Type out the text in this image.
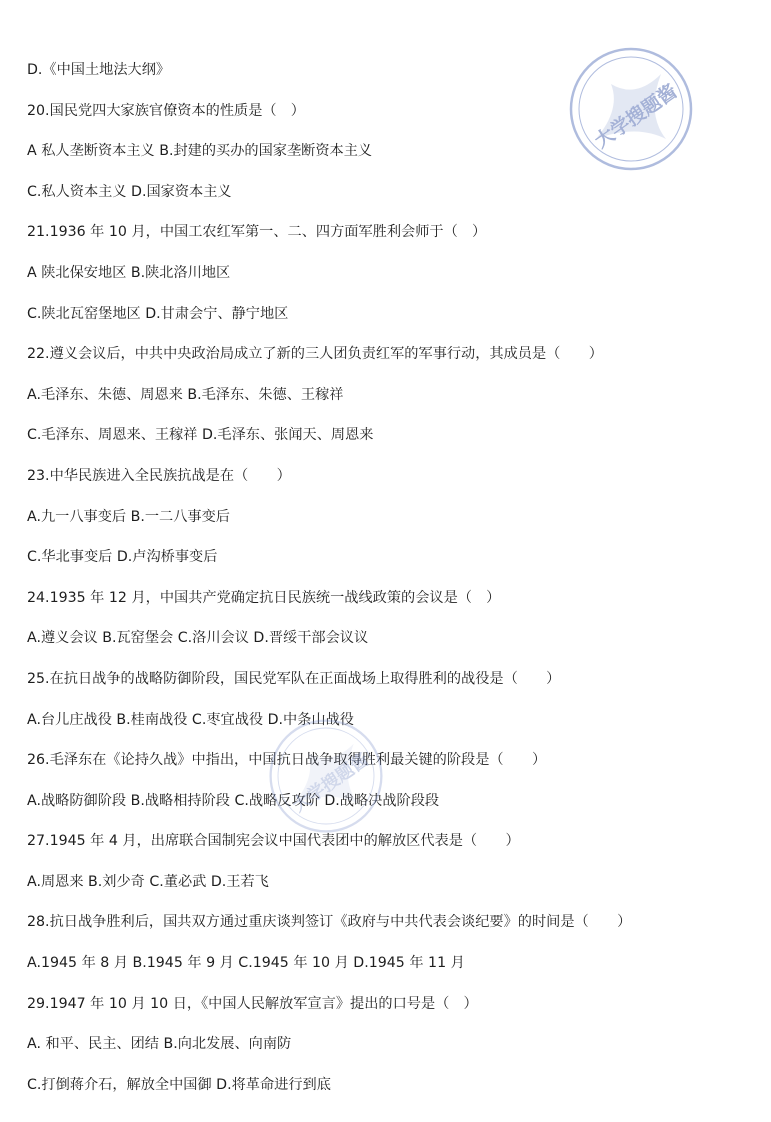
D.《中国土地法大纲》
20.国民党四大家族官僚资本的性质是（　）
A 私人垄断资本主义 B.封建的买办的国家垄断资本主义
C.私人资本主义 D.国家资本主义
21.1936 年 10 月，中国工农红军第一、二、四方面军胜利会师于（　）
A 陕北保安地区 B.陕北洛川地区
C.陕北瓦窑堡地区 D.甘肃会宁、静宁地区
22.遵义会议后，中共中央政治局成立了新的三人团负责红军的军事行动，其成员是（　　）
A.毛泽东、朱德、周恩来 B.毛泽东、朱德、王稼祥
C.毛泽东、周恩来、王稼祥 D.毛泽东、张闻天、周恩来
23.中华民族进入全民族抗战是在（　　）
A.九一八事变后 B.一二八事变后
C.华北事变后 D.卢沟桥事变后
24.1935 年 12 月，中国共产党确定抗日民族统一战线政策的会议是（　）
A.遵义会议 B.瓦窑堡会 C.洛川会议 D.晋绥干部会议议
25.在抗日战争的战略防御阶段，国民党军队在正面战场上取得胜利的战役是（　　）
A.台儿庄战役 B.桂南战役 C.枣宜战役 D.中条山战役
26.毛泽东在《论持久战》中指出，中国抗日战争取得胜利最关键的阶段是（　　）
A.战略防御阶段 B.战略相持阶段 C.战略反攻阶 D.战略决战阶段段
27.1945 年 4 月，出席联合国制宪会议中国代表团中的解放区代表是（　　）
A.周恩来 B.刘少奇 C.董必武 D.王若飞
28.抗日战争胜利后，国共双方通过重庆谈判签订《政府与中共代表会谈纪要》的时间是（　　）
A.1945 年 8 月 B.1945 年 9 月 C.1945 年 10 月 D.1945 年 11 月
29.1947 年 10 月 10 日，《中国人民解放军宣言》提出的口号是（　）
A. 和平、民主、团结 B.向北发展、向南防
C.打倒蒋介石，解放全中国御 D.将革命进行到底
大学搜题酱
大学搜题酱
